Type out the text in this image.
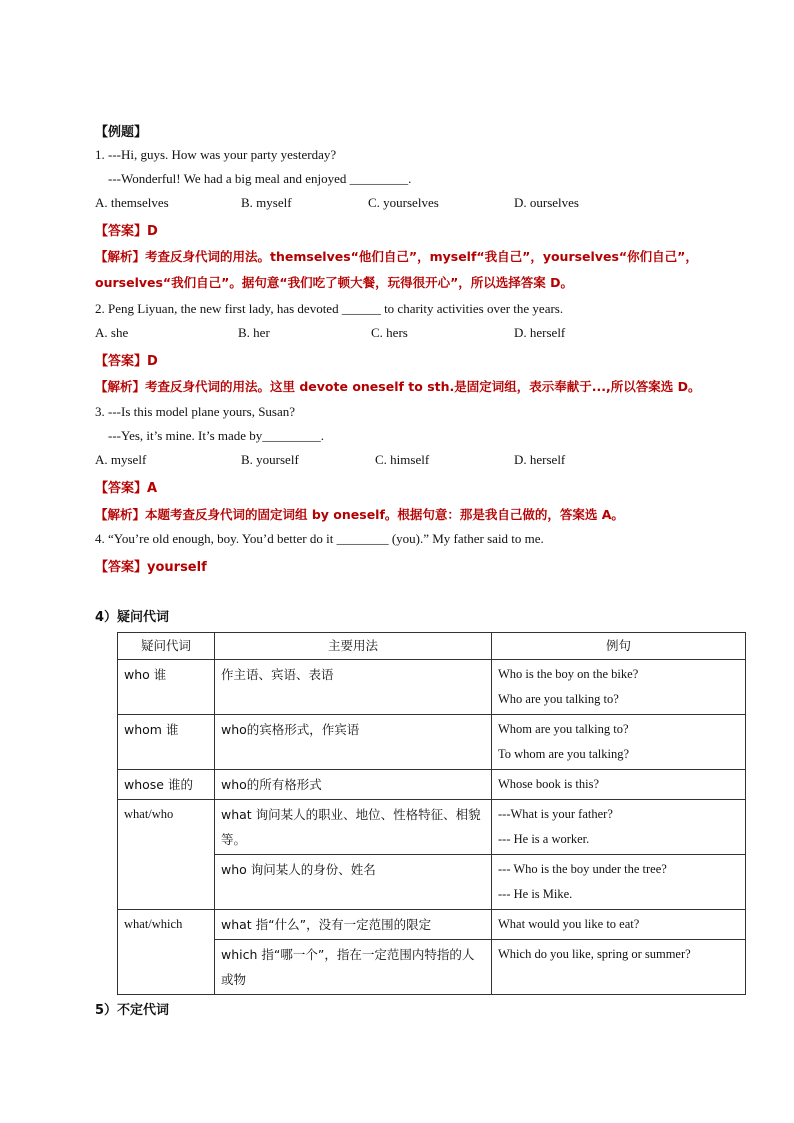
【例题】
1. ---Hi, guys. How was your party yesterday?
---Wonderful! We had a big meal and enjoyed _________.
A. themselves	B. myself	C. yourselves	D. ourselves
【答案】D
【解析】考查反身代词的用法。themselves“他们自己”，myself“我自己”，yourselves“你们自己”，
ourselves“我们自己”。据句意“我们吃了顿大餐，玩得很开心”，所以选择答案 D。
2. Peng Liyuan, the new first lady, has devoted ______ to charity activities over the years.
A. she	B. her	C. hers	D. herself
【答案】D
【解析】考查反身代词的用法。这里 devote oneself to sth.是固定词组，表示奉献于...,所以答案选 D。
3. ---Is this model plane yours, Susan?
---Yes, it’s mine. It’s made by_________.
A. myself	B. yourself	C. himself	D. herself
【答案】A
【解析】本题考查反身代词的固定词组 by oneself。根据句意：那是我自己做的，答案选 A。
4. “You’re old enough, boy. You’d better do it ________ (you).” My father said to me.
【答案】yourself
4）疑问代词
疑问代词	主要用法	例句
who 谁	作主语、宾语、表语	Who is the boy on the bike?
Who are you talking to?

whom 谁	who的宾格形式，作宾语	Whom are you talking to?
To whom are you talking?

whose 谁的	who的所有格形式	Whose book is this?

what/who	what 询问某人的职业、地位、性格特征、相貌等。	---What is your father?
--- He is a worker.

	who 询问某人的身份、姓名	--- Who is the boy under the tree?
--- He is Mike.

what/which	what 指“什么”，没有一定范围的限定	What would you like to eat?

	which 指“哪一个”，指在一定范围内特指的人或物	Which do you like, spring or summer?
5）不定代词
